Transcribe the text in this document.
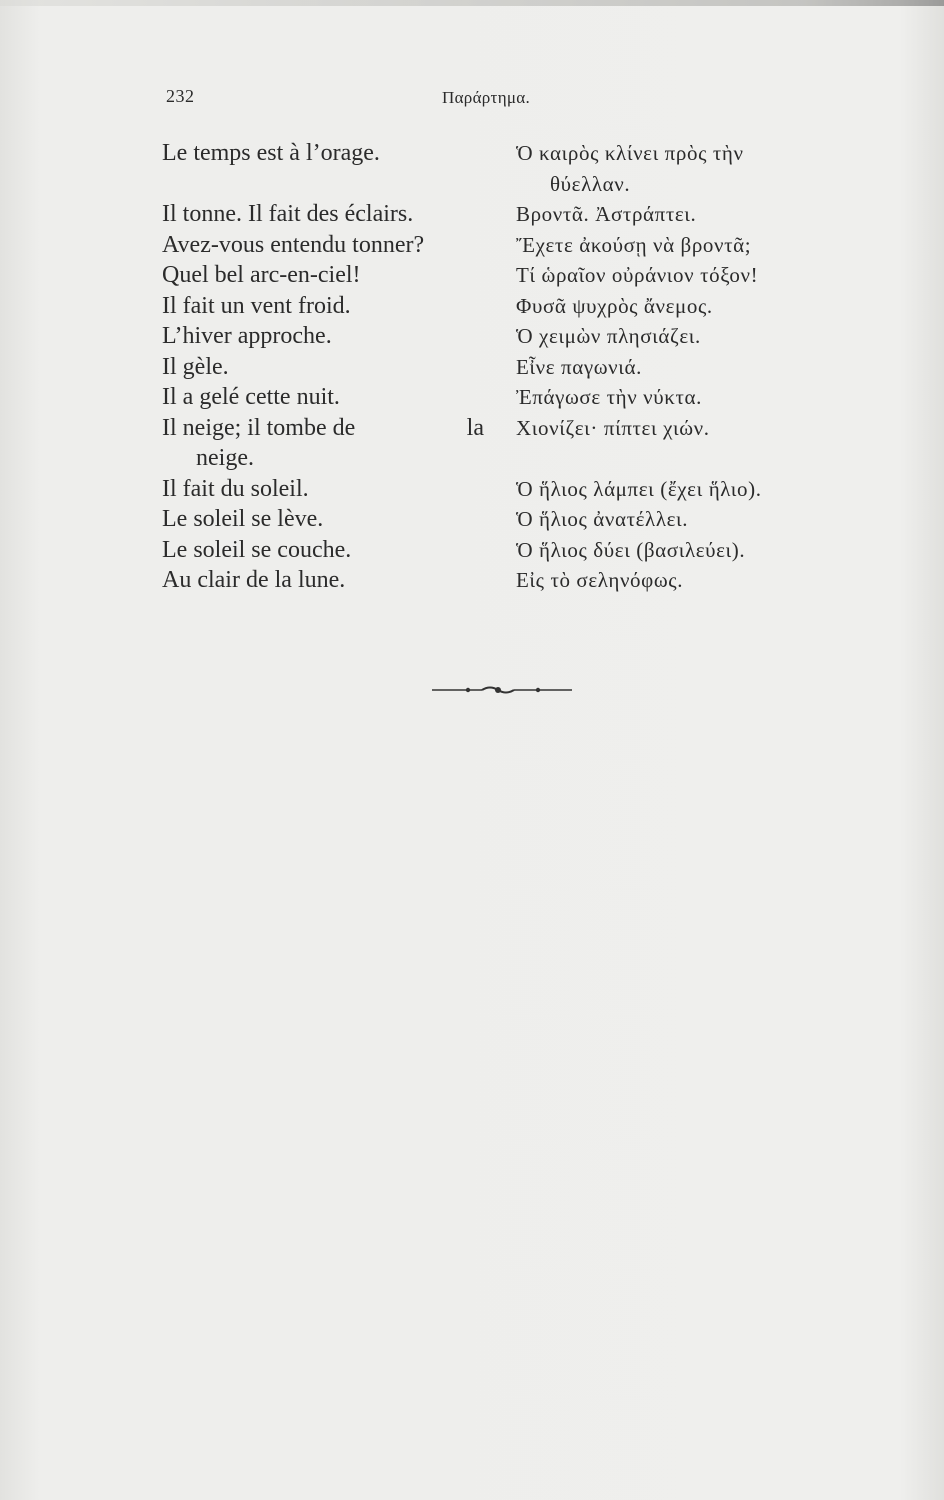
232	Παράρτημα.
Le temps est à l’orage.
Il tonne. Il fait des éclairs.
Avez-vous entendu tonner?
Quel bel arc-en-ciel!
Il fait un vent froid.
L’hiver approche.
Il gèle.
Il a gelé cette nuit.
Il neige; il tombe de	la
neige.
Il fait du soleil.
Le soleil se lève.
Le soleil se couche.
Au clair de la lune.
Ὁ καιρὸς κλίνει πρὸς τὴν
θύελλαν.
Βροντᾶ. Ἀστράπτει.
Ἔχετε ἀκούσῃ νὰ βροντᾶ;
Τί ὡραῖον οὐράνιον τόξον!
Φυσᾶ ψυχρὸς ἄνεμος.
Ὁ χειμὼν πλησιάζει.
Εἶνε παγωνιά.
Ἐπάγωσε τὴν νύκτα.
Χιονίζει· πίπτει χιών.
Ὁ ἥλιος λάμπει (ἔχει ἥλιο).
Ὁ ἥλιος ἀνατέλλει.
Ὁ ἥλιος δύει (βασιλεύει).
Εἰς τὸ σεληνόφως.
